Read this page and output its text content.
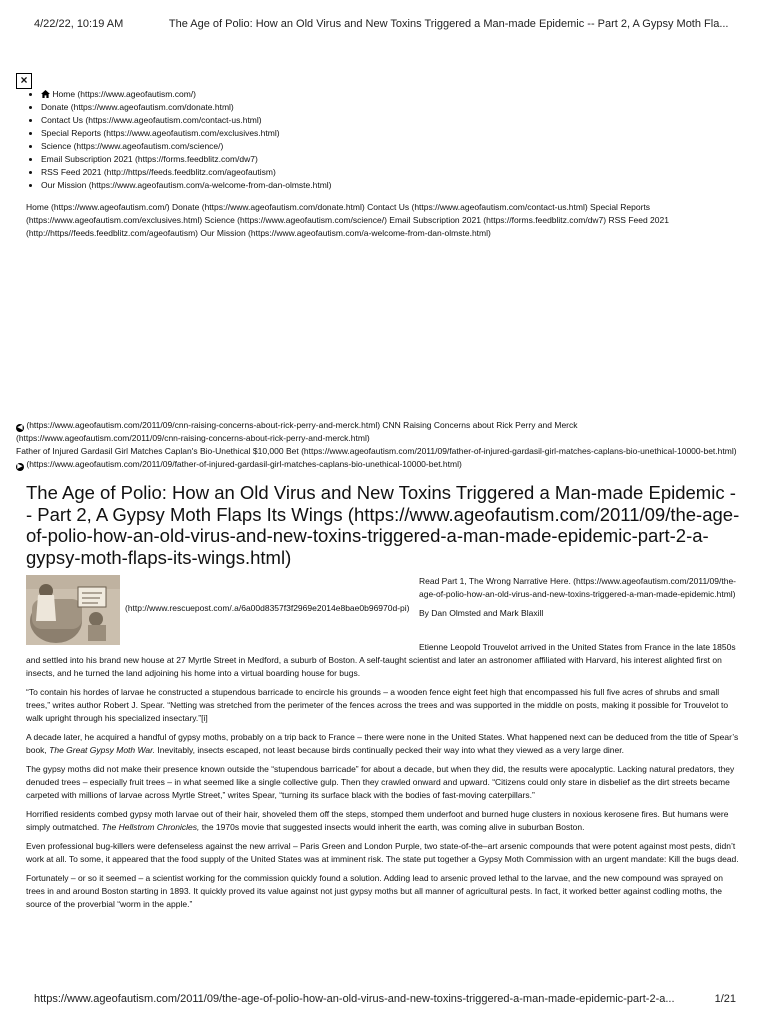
4/22/22, 10:19 AM	The Age of Polio: How an Old Virus and New Toxins Triggered a Man-made Epidemic -- Part 2, A Gypsy Moth Fla...
×
• Home (https://www.ageofautism.com/)
• Donate (https://www.ageofautism.com/donate.html)
• Contact Us (https://www.ageofautism.com/contact-us.html)
• Special Reports (https://www.ageofautism.com/exclusives.html)
• Science (https://www.ageofautism.com/science/)
• Email Subscription 2021 (https://forms.feedblitz.com/dw7)
• RSS Feed 2021 (http://https//feeds.feedblitz.com/ageofautism)
• Our Mission (https://www.ageofautism.com/a-welcome-from-dan-olmste.html)
Home (https://www.ageofautism.com/) Donate (https://www.ageofautism.com/donate.html) Contact Us (https://www.ageofautism.com/contact-us.html) Special Reports (https://www.ageofautism.com/exclusives.html) Science (https://www.ageofautism.com/science/) Email Subscription 2021 (https://forms.feedblitz.com/dw7) RSS Feed 2021 (http://https//feeds.feedblitz.com/ageofautism) Our Mission (https://www.ageofautism.com/a-welcome-from-dan-olmste.html)
◀ (https://www.ageofautism.com/2011/09/cnn-raising-concerns-about-rick-perry-and-merck.html) CNN Raising Concerns about Rick Perry and Merck (https://www.ageofautism.com/2011/09/cnn-raising-concerns-about-rick-perry-and-merck.html)
Father of Injured Gardasil Girl Matches Caplan's Bio-Unethical $10,000 Bet (https://www.ageofautism.com/2011/09/father-of-injured-gardasil-girl-matches-caplans-bio-unethical-10000-bet.html) ▶ (https://www.ageofautism.com/2011/09/father-of-injured-gardasil-girl-matches-caplans-bio-unethical-10000-bet.html)
The Age of Polio: How an Old Virus and New Toxins Triggered a Man-made Epidemic -- Part 2, A Gypsy Moth Flaps Its Wings (https://www.ageofautism.com/2011/09/the-age-of-polio-how-an-old-virus-and-new-toxins-triggered-a-man-made-epidemic-part-2-a-gypsy-moth-flaps-its-wings.html)
(http://www.rescuepost.com/.a/6a00d8357f3f2969e2014e8bae0b96970d-pi)

Read Part 1, The Wrong Narrative Here. (https://www.ageofautism.com/2011/09/the-age-of-polio-how-an-old-virus-and-new-toxins-triggered-a-man-made-epidemic.html)

By Dan Olmsted and Mark Blaxill

Etienne Leopold Trouvelot arrived in the United States from France in the late 1850s and settled into his brand new house at 27 Myrtle Street in Medford, a suburb of Boston. A self-taught scientist and later an astronomer affiliated with Harvard, his interest alighted first on insects, and he turned the land adjoining his home into a virtual boarding house for bugs.

“To contain his hordes of larvae he constructed a stupendous barricade to encircle his grounds – a wooden fence eight feet high that encompassed his full five acres of shrubs and small trees,” writes author Robert J. Spear. “Netting was stretched from the perimeter of the fences across the trees and was supported in the middle on posts, making it possible for Trouvelot to walk upright through his specialized insectary.”[i]

A decade later, he acquired a handful of gypsy moths, probably on a trip back to France – there were none in the United States. What happened next can be deduced from the title of Spear’s book, The Great Gypsy Moth War. Inevitably, insects escaped, not least because birds continually pecked their way into what they viewed as a very large diner.

The gypsy moths did not make their presence known outside the “stupendous barricade” for about a decade, but when they did, the results were apocalyptic. Lacking natural predators, they denuded trees – especially fruit trees – in what seemed like a single collective gulp. Then they crawled onward and upward. “Citizens could only stare in disbelief as the dirt streets became carpeted with millions of larvae across Myrtle Street,” writes Spear, “turning its surface black with the bodies of fast-moving caterpillars.”

Horrified residents combed gypsy moth larvae out of their hair, shoveled them off the steps, stomped them underfoot and burned huge clusters in noxious kerosene fires. But humans were simply outmatched. The Hellstrom Chronicles, the 1970s movie that suggested insects would inherit the earth, was coming alive in suburban Boston.

Even professional bug-killers were defenseless against the new arrival – Paris Green and London Purple, two state-of-the–art arsenic compounds that were potent against most pests, didn’t work at all. To some, it appeared that the food supply of the United States was at imminent risk. The state put together a Gypsy Moth Commission with an urgent mandate: Kill the bugs dead.

Fortunately – or so it seemed – a scientist working for the commission quickly found a solution. Adding lead to arsenic proved lethal to the larvae, and the new compound was sprayed on trees in and around Boston starting in 1893. It quickly proved its value against not just gypsy moths but all manner of agricultural pests. In fact, it worked better against codling moths, the source of the proverbial “worm in the apple.”

https://www.ageofautism.com/2011/09/the-age-of-polio-how-an-old-virus-and-new-toxins-triggered-a-man-made-epidemic-part-2-a...	1/21
